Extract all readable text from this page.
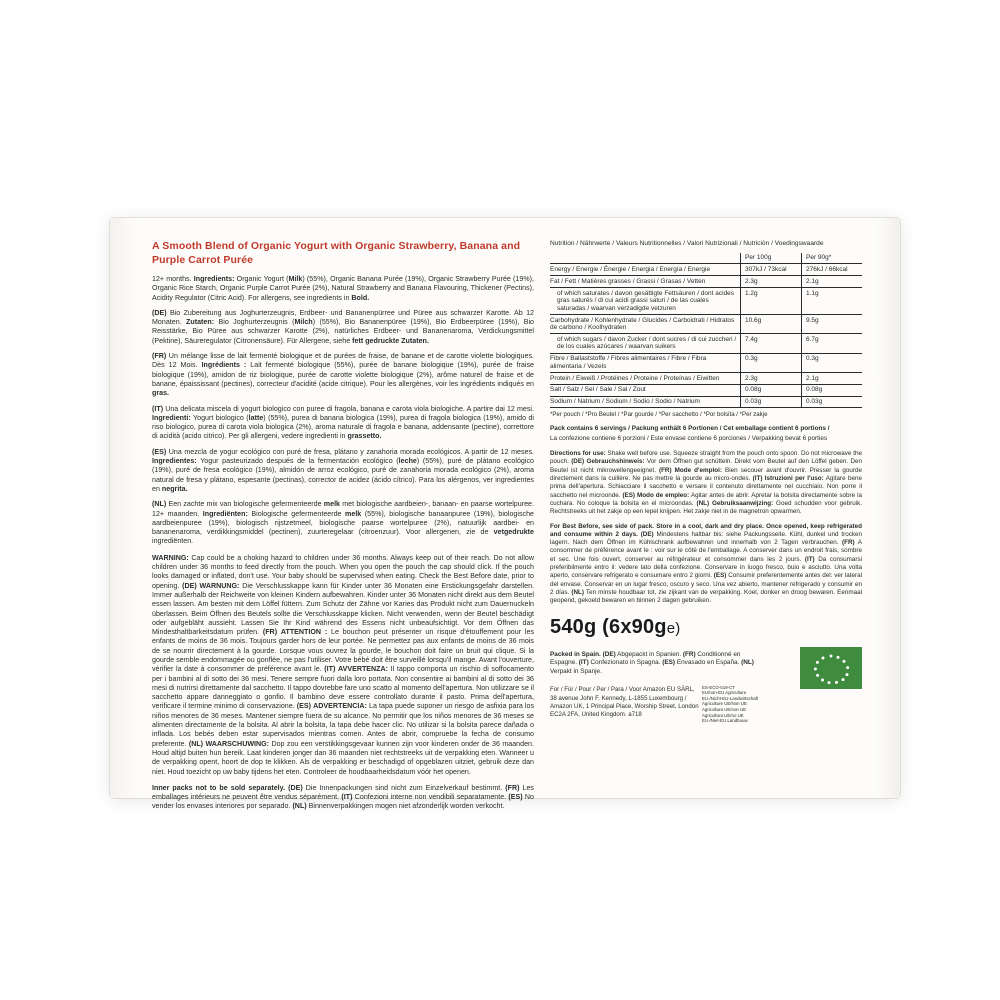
A Smooth Blend of Organic Yogurt with Organic Strawberry, Banana and Purple Carrot Purée

12+ months. Ingredients: Organic Yogurt (Milk) (55%), Organic Banana Purée (19%), Organic Strawberry Purée (19%), Organic Rice Starch, Organic Purple Carrot Purée (2%), Natural Strawberry and Banana Flavouring, Thickener (Pectins), Acidity Regulator (Citric Acid). For allergens, see ingredients in Bold.

(DE) Bio Zubereitung aus Joghurterzeugnis, Erdbeer- und Bananenpürree und Püree aus schwarzer Karotte. Ab 12 Monaten. Zutaten: Bio Joghurterzeugnis (Milch) (55%), Bio Bananenpüree (19%), Bio Erdbeerpüree (19%), Bio Reisstärke, Bio Püree aus schwarzer Karotte (2%), natürliches Erdbeer- und Bananenaroma, Verdickungsmittel (Pektine), Säureregulator (Citronensäure). Für Allergene, siehe fett gedruckte Zutaten.

(FR) Un mélange lisse de lait fermenté biologique et de purées de fraise, de banane et de carotte violette biologiques. Dès 12 Mois. Ingrédients : Lait fermenté biologique (55%), purée de banane biologique (19%), purée de fraise biologique (19%), amidon de riz biologique, purée de carotte violette biologique (2%), arôme naturel de fraise et de banane, épaississant (pectines), correcteur d'acidité (acide citrique). Pour les allergènes, voir les ingrédients indiqués en gras.

(IT) Una delicata miscela di yogurt biologico con puree di fragola, banana e carota viola biologiche. A partire dai 12 mesi. Ingredienti: Yogurt biologico (latte) (55%), purea di banana biologica (19%), purea di fragola biologica (19%), amido di riso biologico, purea di carota viola biologica (2%), aroma naturale di fragola e banana, addensante (pectine), correttore di acidità (acido citrico). Per gli allergeni, vedere ingredienti in grassetto.

(ES) Una mezcla de yogur ecológico con puré de fresa, plátano y zanahoria morada ecológicos. A partir de 12 meses. Ingredientes: Yogur pasteurizado después de la fermentación ecológico (leche) (55%), puré de plátano ecológico (19%), puré de fresa ecológico (19%), almidón de arroz ecológico, puré de zanahoria morada ecológico (2%), aroma natural de fresa y plátano, espesante (pectinas), corrector de acidez (ácido cítrico). Para los alérgenos, ver ingredientes en negrita.

(NL) Een zachte mix van biologische gefermenteerde melk met biologische aardbeien-, banaan- en paarse wortelpuree. 12+ maanden. Ingrediënten: Biologische gefermenteerde melk (55%), biologische banaanpuree (19%), biologische aardbeienpuree (19%), biologisch rijstzetmeel, biologische paarse wortelpuree (2%), natuurlijk aardbei- en bananenaroma, verdikkingsmiddel (pectinen), zuurteregelaar (citroenzuur). Voor allergenen, zie de vetgedrukte ingrediënten.

WARNING: Cap could be a choking hazard to children under 36 months. Always keep out of their reach. Do not allow children under 36 months to feed directly from the pouch. When you open the pouch the cap should click. If the pouch looks damaged or inflated, don't use. Your baby should be supervised when eating. Check the Best Before date, prior to opening. (DE) WARNUNG: Die Verschlusskappe kann für Kinder unter 36 Monaten eine Erstickungsgefahr darstellen. Immer außerhalb der Reichweite von kleinen Kindern aufbewahren. Kinder unter 36 Monaten nicht direkt aus dem Beutel essen lassen. Am besten mit dem Löffel füttern. Zum Schutz der Zähne vor Karies das Produkt nicht zum Dauernuckeln überlassen. Beim Öffnen des Beutels sollte die Verschlusskappe klicken. Nicht verwenden, wenn der Beutel beschädigt oder aufgebläht aussieht. Lassen Sie Ihr Kind während des Essens nicht unbeaufsichtigt. Vor dem Öffnen das Mindesthaltbarkeitsdatum prüfen. (FR) ATTENTION : Le bouchon peut présenter un risque d'étouffement pour les enfants de moins de 36 mois. Toujours garder hors de leur portée. Ne permettez pas aux enfants de moins de 36 mois de se nourrir directement à la gourde. Lorsque vous ouvrez la gourde, le bouchon doit faire un bruit qui clique. Si la gourde semble endommagée ou gonflée, ne pas l'utiliser. Votre bébé doit être surveillé lorsqu'il mange. Avant l'ouverture, vérifier la date à consommer de préférence avant le. (IT) AVVERTENZA: Il tappo comporta un rischio di soffocamento per i bambini al di sotto dei 36 mesi. Tenere sempre fuori dalla loro portata. Non consentire ai bambini al di sotto dei 36 mesi di nutrirsi direttamente dal sacchetto. Il tappo dovrebbe fare uno scatto al momento dell'apertura. Non utilizzare se il sacchetto appare danneggiato o gonfio. Il bambino deve essere controllato durante il pasto. Prima dell'apertura, verificare il termine minimo di conservazione. (ES) ADVERTENCIA: La tapa puede suponer un riesgo de asfixia para los niños menores de 36 meses. Mantener siempre fuera de su alcance. No permitir que los niños menores de 36 meses se alimenten directamente de la bolsita. Al abrir la bolsita, la tapa debe hacer clic. No utilizar si la bolsita parece dañada o inflada. Los bebés deben estar supervisados mientras comen. Antes de abrir, compruebe la fecha de consumo preferente. (NL) WAARSCHUWING: Dop zou een verstikkingsgevaar kunnen zijn voor kinderen onder de 36 maanden. Houd altijd buiten hun bereik. Laat kinderen jonger dan 36 maanden niet rechtstreeks uit de verpakking eten. Wanneer u de verpakking opent, hoort de dop te klikken. Als de verpakking er beschadigd of opgeblazen uitziet, gebruik deze dan niet. Houd toezicht op uw baby tijdens het eten. Controleer de houdbaarheidsdatum vóór het openen.

Inner packs not to be sold separately. (DE) Die Innenpackungen sind nicht zum Einzelverkauf bestimmt. (FR) Les emballages intérieurs ne peuvent être vendus séparément. (IT) Confezioni interne non vendibili separatamente. (ES) No vender los envases interiores por separado. (NL) Binnenverpakkingen mogen niet afzonderlijk worden verkocht.

Nutrition / Nährwerte / Valeurs Nutritionnelles / Valori Nutrizionali / Nutrición / Voedingswaarde

	Per 100g	Per 90g*
Energy / Energie / Énergie / Energia / Energía / Energie	307kJ / 73kcal	276kJ / 66kcal
Fat / Fett / Matières grasses / Grassi / Grasas / Vetten	2.3g	2.1g
of which saturates / davon gesättigte Fettsäuren / dont acides gras saturés / di cui acidi grassi saturi / de las cuales saturadas / waarvan verzadigde vetzuren	1.2g	1.1g
Carbohydrate / Kohlenhydrate / Glucides / Carboidrati / Hidratos de carbono / Koolhydraten	10.6g	9.5g
of which sugars / davon Zucker / dont sucres / di cui zuccheri / de los cuales azúcares / waarvan suikers	7.4g	6.7g
Fibre / Ballaststoffe / Fibres alimentaires / Fibre / Fibra alimentaria / Vezels	0.3g	0.3g
Protein / Eiweiß / Protéines / Proteine / Proteínas / Eiwitten	2.3g	2.1g
Salt / Salz / Sel / Sale / Sal / Zout	0.08g	0.08g
Sodium / Natrium / Sodium / Sodio / Sodio / Natrium	0.03g	0.03g

*Per pouch / *Pro Beutel / *Par gourde / *Per sacchetto / *Por bolsita / *Per zakje

Pack contains 6 servings / Packung enthält 6 Portionen / Cet emballage contient 6 portions /

La confezione contiene 6 porzioni / Este envase contiene 6 porciones / Verpakking bevat 6 porties

Directions for use: Shake well before use. Squeeze straight from the pouch onto spoon. Do not microwave the pouch. (DE) Gebrauchshinweis: Vor dem Öffnen gut schütteln. Direkt vom Beutel auf den Löffel geben. Den Beutel ist nicht mikrowellengeeignet. (FR) Mode d'emploi: Bien secouer avant d'ouvrir. Presser la gourde directement dans la cuillère. Ne pas mettre la gourde au micro-ondes. (IT) Istruzioni per l'uso: Agitare bene prima dell'apertura. Schiacciare il sacchetto e versare il contenuto direttamente nel cucchiaio. Non porre il sacchetto nel microonde. (ES) Modo de empleo: Agitar antes de abrir. Apretar la bolsita directamente sobre la cuchara. No coloque la bolsita en el microondas. (NL) Gebruiksaanwijzing: Goed schudden voor gebruik. Rechtstreeks uit het zakje op een lepel knijpen. Het zakje niet in de magnetron opwarmen.

For Best Before, see side of pack. Store in a cool, dark and dry place. Once opened, keep refrigerated and consume within 2 days. (DE) Mindestens haltbar bis: siehe Packungsseite. Kühl, dunkel und trocken lagern. Nach dem Öffnen im Kühlschrank aufbewahren und innerhalb von 2 Tagen verbrauchen. (FR) A consommer de préférence avant le : voir sur le côté de l'emballage. A conserver dans un endroit frais, sombre et sec. Une fois ouvert, conserver au réfrigérateur et consommer dans les 2 jours. (IT) Da consumarsi preferibilmente entro il: vedere lato della confezione. Conservare in luogo fresco, buio e asciutto. Una volta aperto, conservare refrigerato e consumare entro 2 giorni. (ES) Consumir preferentemente antes del: ver lateral del envase. Conservar en un lugar fresco, oscuro y seco. Una vez abierto, mantener refrigerado y consumir en 2 días. (NL) Ten minste houdbaar tot, zie zijkant van de verpakking. Koel, donker en droog bewaren. Eenmaal geopend, gekoeld bewaren en binnen 2 dagen gebruiken.

540g (6x90ge)
Packed in Spain. (DE) Abgepackt in Spanien. (FR) Conditionné en Espagne. (IT) Confezionato in Spagna. (ES) Envasado en España. (NL) Verpakt in Spanje.
For / Für / Pour / Per / Para / Voor Amazon EU SÀRL, 38 avenue John F. Kennedy, L-1855 Luxembourg / Amazon UK, 1 Principal Place, Worship Street, London EC2A 2FA, United Kingdom. a718
ES-ECO-019-CT
EU/non-EU Agriculture
EU-/Nicht-EU-Landwirtschaft
Agriculture UE/Non UE
Agricoltura UE/non UE
Agricultura UE/no UE
EU-/Niet-EU Landbouw
